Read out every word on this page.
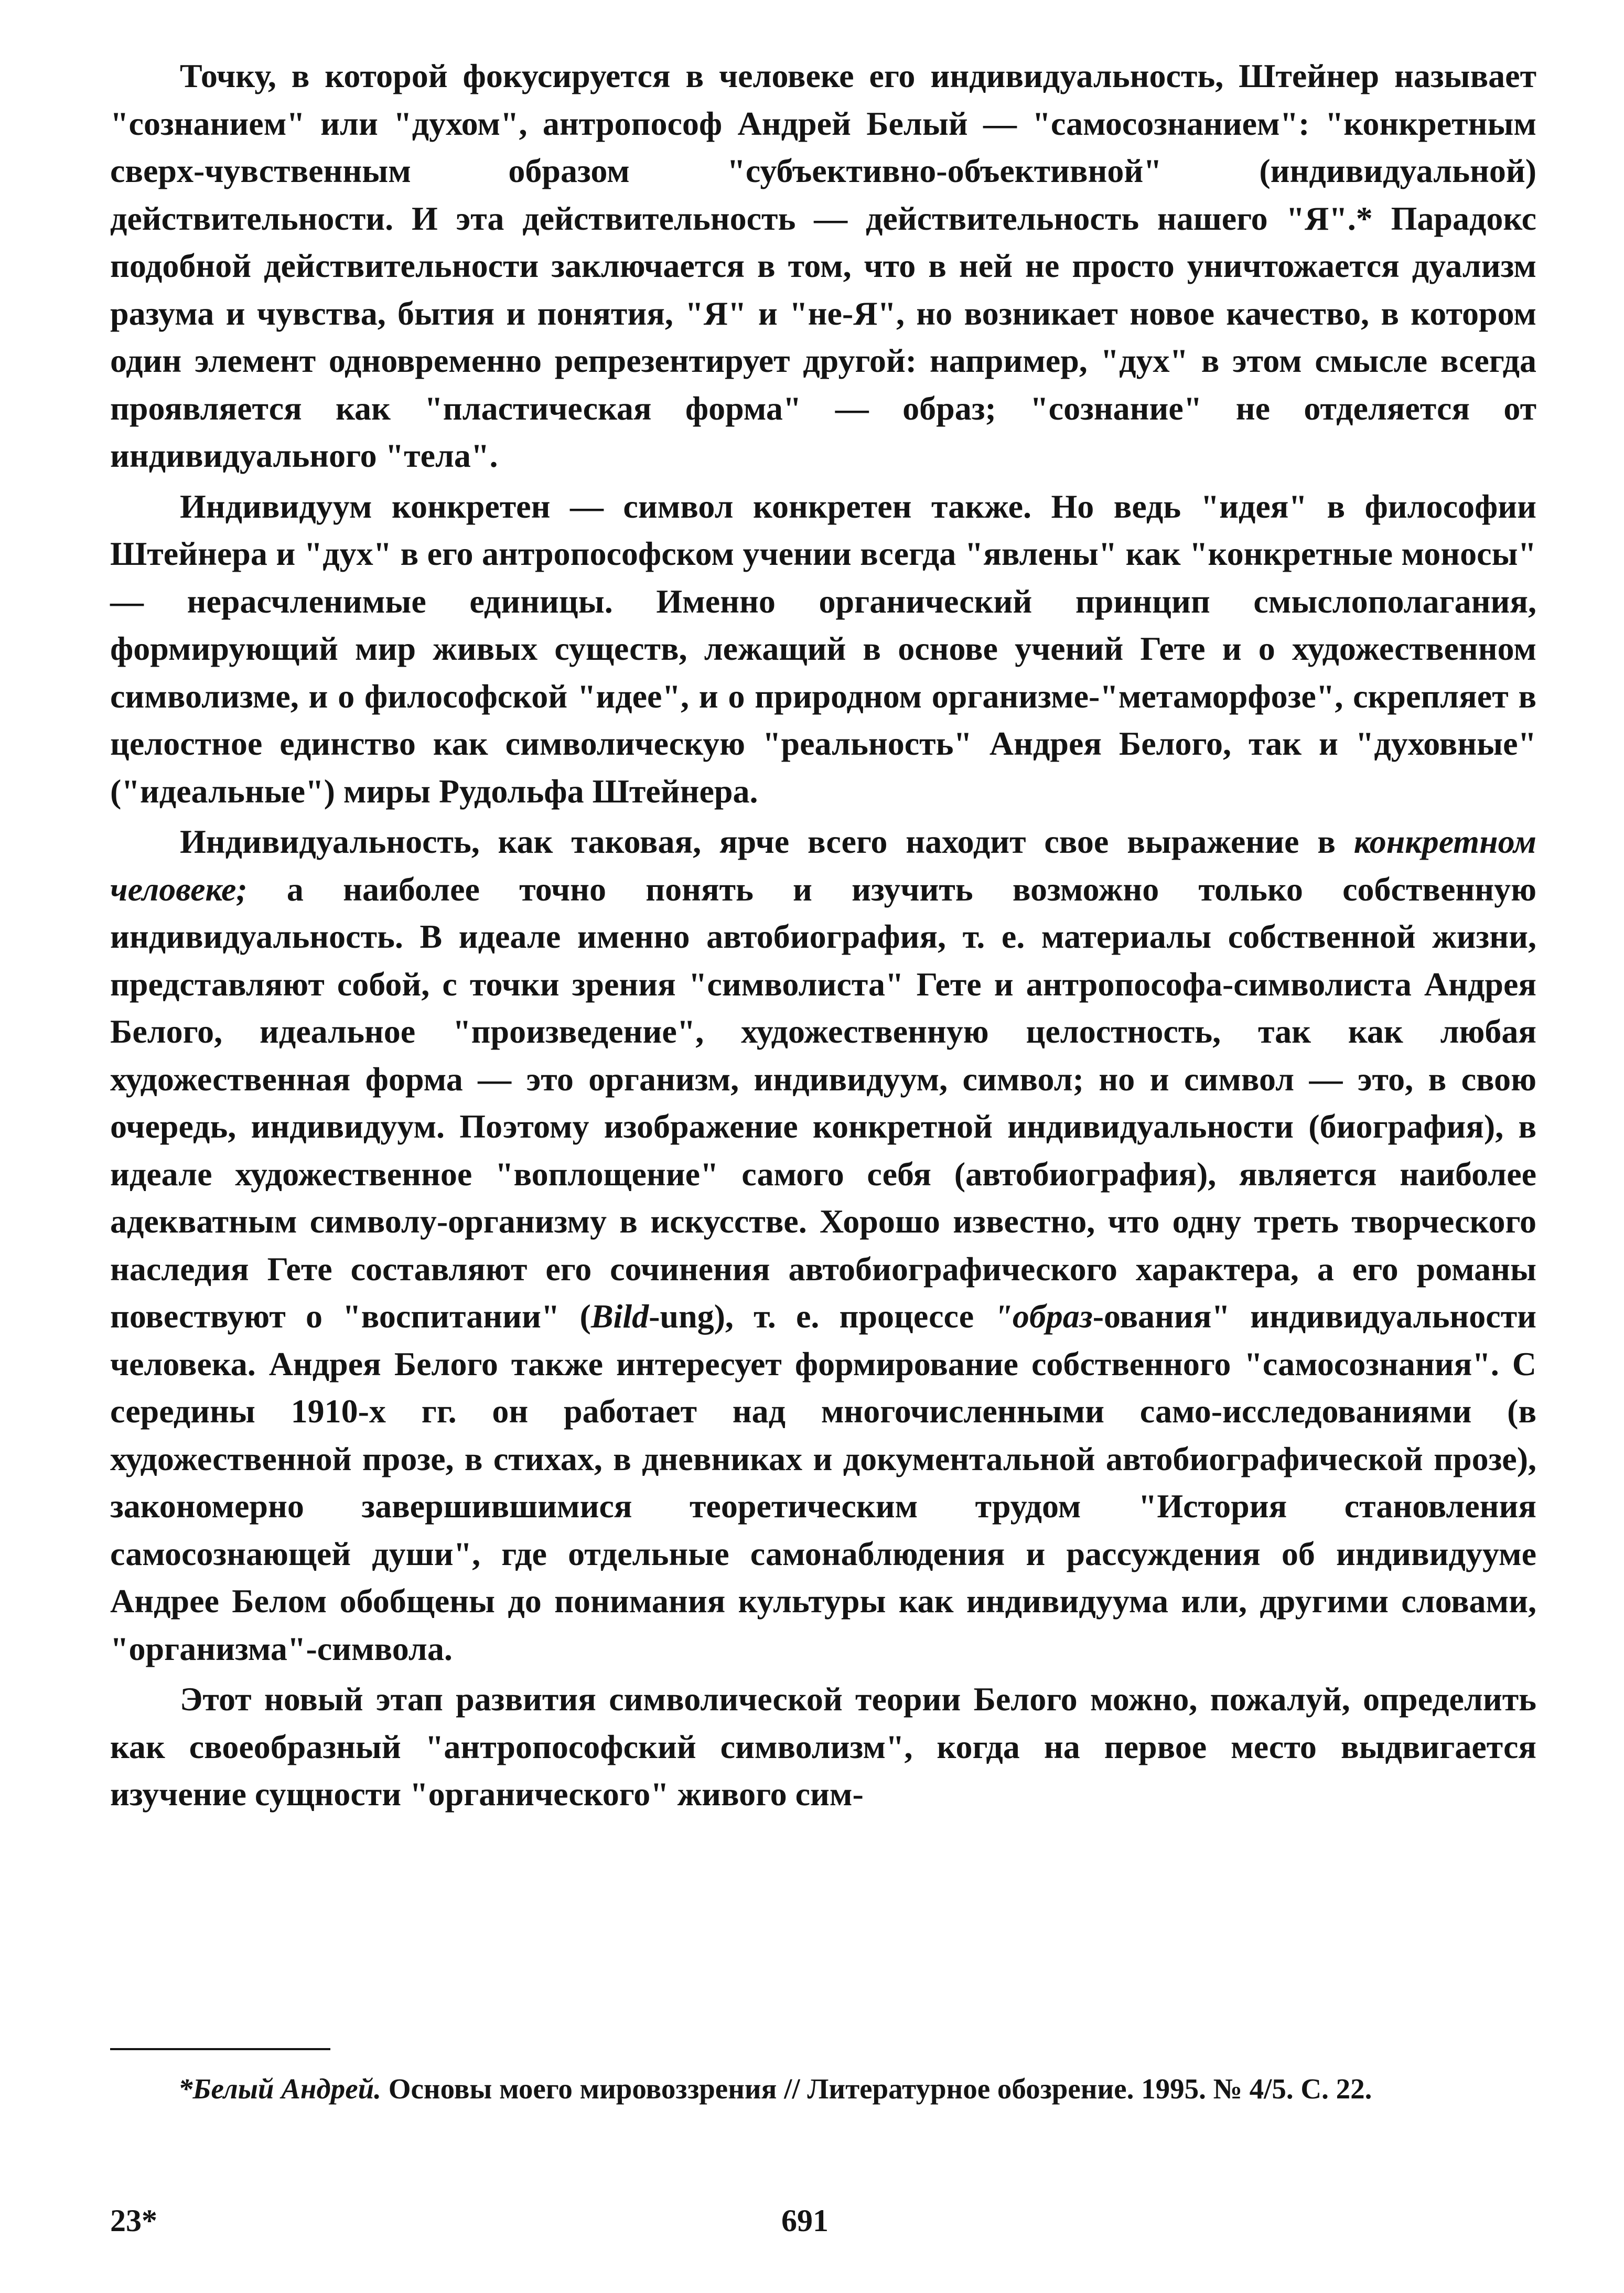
Точку, в которой фокусируется в человеке его индивидуальность, Штейнер называет "сознанием" или "духом", антропософ Андрей Белый — "самосознанием": "конкретным сверх-чувственным образом "субъективно-объективной" (индивидуальной) действительности. И эта действительность — действительность нашего "Я".* Парадокс подобной действительности заключается в том, что в ней не просто уничтожается дуализм разума и чувства, бытия и понятия, "Я" и "не-Я", но возникает новое качество, в котором один элемент одновременно репрезентирует другой: например, "дух" в этом смысле всегда проявляется как "пластическая форма" — образ; "сознание" не отделяется от индивидуального "тела".

Индивидуум конкретен — символ конкретен также. Но ведь "идея" в философии Штейнера и "дух" в его антропософском учении всегда "явлены" как "конкретные моносы" — нерасчленимые единицы. Именно органический принцип смыслополагания, формирующий мир живых существ, лежащий в основе учений Гете и о художественном символизме, и о философской "идее", и о природном организме-"метаморфозе", скрепляет в целостное единство как символическую "реальность" Андрея Белого, так и "духовные" ("идеальные") миры Рудольфа Штейнера.

Индивидуальность, как таковая, ярче всего находит свое выражение в конкретном человеке; а наиболее точно понять и изучить возможно только собственную индивидуальность. В идеале именно автобиография, т. е. материалы собственной жизни, представляют собой, с точки зрения "символиста" Гете и антропософа-символиста Андрея Белого, идеальное "произведение", художественную целостность, так как любая художественная форма — это организм, индивидуум, символ; но и символ — это, в свою очередь, индивидуум. Поэтому изображение конкретной индивидуальности (биография), в идеале художественное "воплощение" самого себя (автобиография), является наиболее адекватным символу-организму в искусстве. Хорошо известно, что одну треть творческого наследия Гете составляют его сочинения автобиографического характера, а его романы повествуют о "воспитании" (Bild-ung), т. е. процессе "образ-ования" индивидуальности человека. Андрея Белого также интересует формирование собственного "самосознания". С середины 1910-х гг. он работает над многочисленными само-исследованиями (в художественной прозе, в стихах, в дневниках и документальной автобиографической прозе), закономерно завершившимися теоретическим трудом "История становления самосознающей души", где отдельные самонаблюдения и рассуждения об индивидууме Андрее Белом обобщены до понимания культуры как индивидуума или, другими словами, "организма"-символа.

Этот новый этап развития символической теории Белого можно, пожалуй, определить как своеобразный "антропософский символизм", когда на первое место выдвигается изучение сущности "органического" живого сим-

*Белый Андрей. Основы моего мировоззрения // Литературное обозрение. 1995. № 4/5. С. 22.
23*	691
